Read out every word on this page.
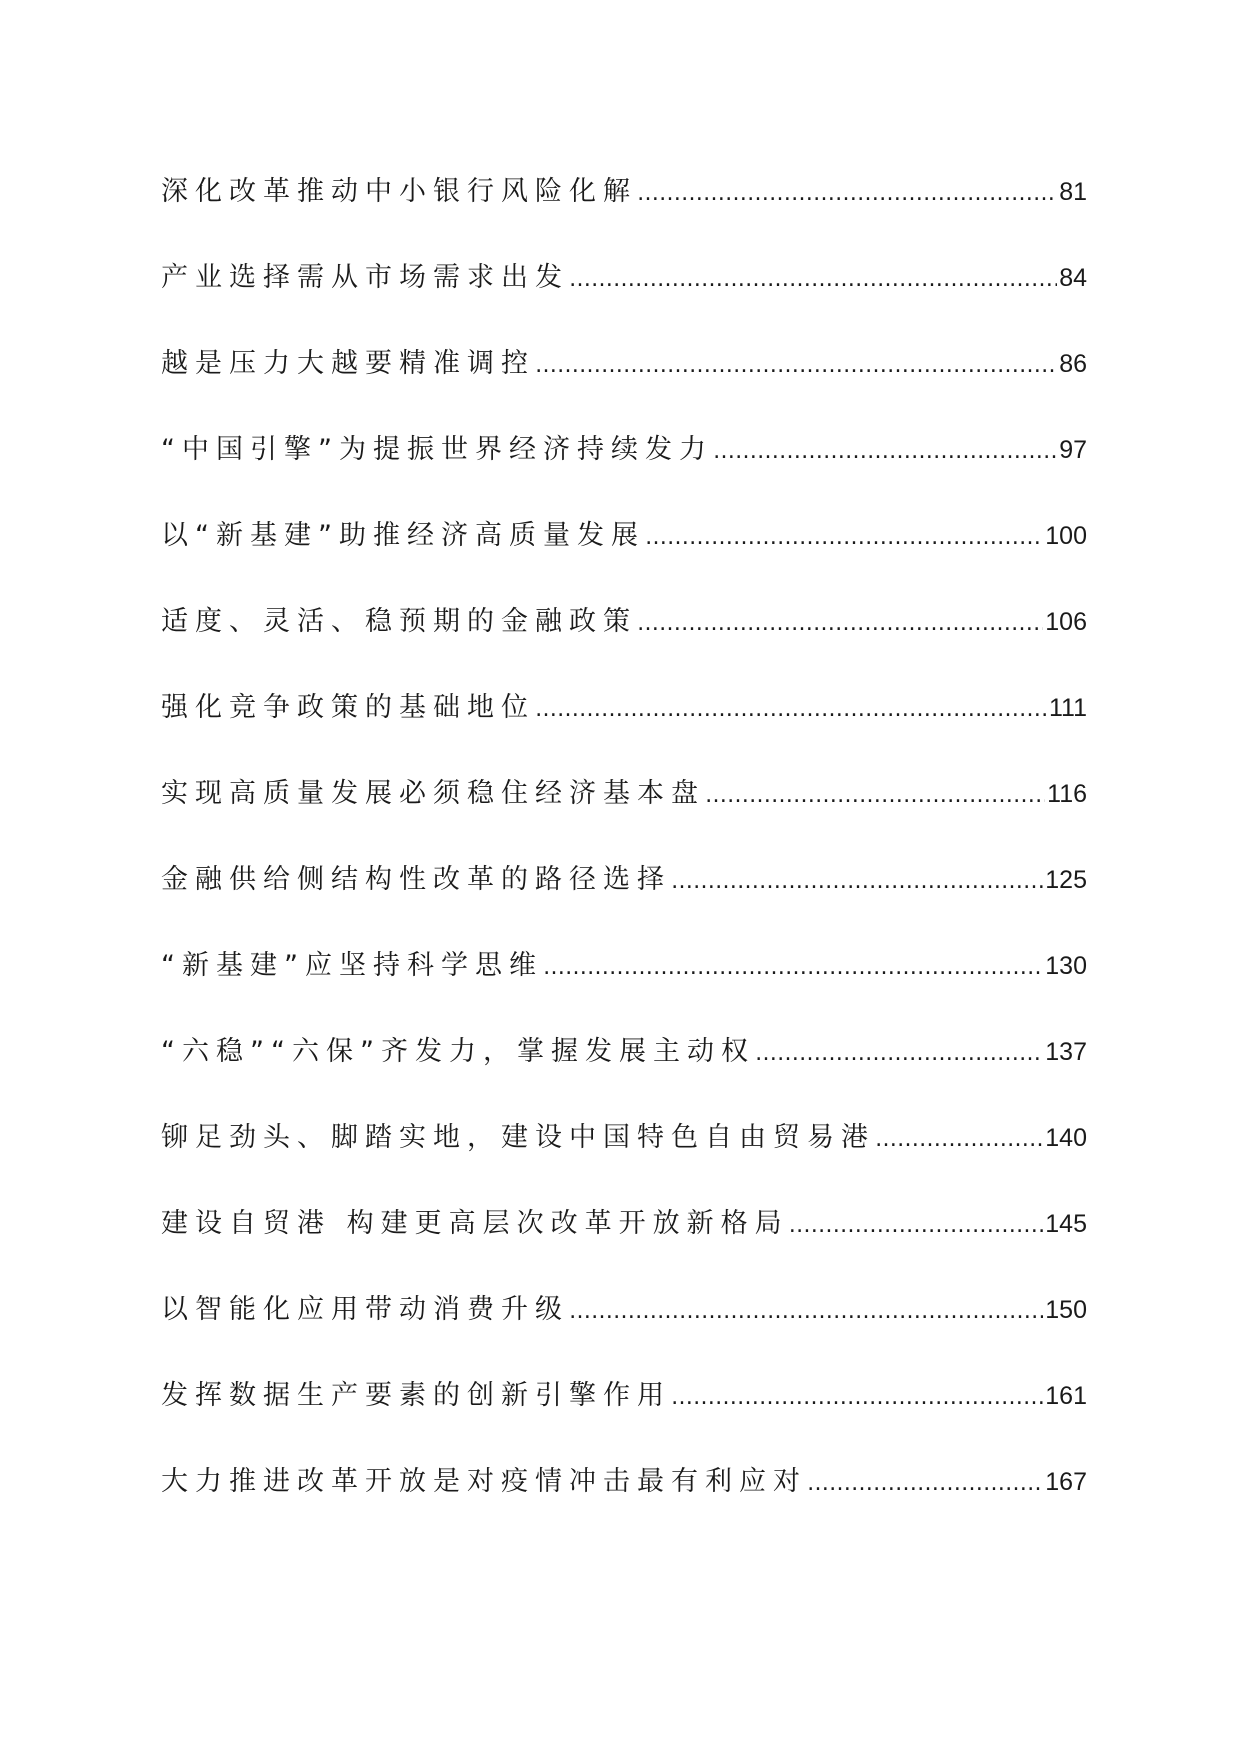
深化改革推动中小银行风险化解 …………………………………………………………………………………………………………………………………………………………	81
产业选择需从市场需求出发 …………………………………………………………………………………………………………………………………………………………	84
越是压力大越要精准调控 …………………………………………………………………………………………………………………………………………………………	86
“中国引擎”为提振世界经济持续发力 …………………………………………………………………………………………………………………………………………………………	97
以“新基建”助推经济高质量发展 …………………………………………………………………………………………………………………………………………………………	100
适度、灵活、稳预期的金融政策 …………………………………………………………………………………………………………………………………………………………	106
强化竞争政策的基础地位 …………………………………………………………………………………………………………………………………………………………	111
实现高质量发展必须稳住经济基本盘 …………………………………………………………………………………………………………………………………………………………	116
金融供给侧结构性改革的路径选择 …………………………………………………………………………………………………………………………………………………………	125
“新基建”应坚持科学思维 …………………………………………………………………………………………………………………………………………………………	130
“六稳”“六保”齐发力，掌握发展主动权 …………………………………………………………………………………………………………………………………………………………	137
铆足劲头、脚踏实地，建设中国特色自由贸易港 …………………………………………………………………………………………………………………………………………………………	140
建设自贸港 构建更高层次改革开放新格局 …………………………………………………………………………………………………………………………………………………………	145
以智能化应用带动消费升级 …………………………………………………………………………………………………………………………………………………………	150
发挥数据生产要素的创新引擎作用 …………………………………………………………………………………………………………………………………………………………	161
大力推进改革开放是对疫情冲击最有利应对 …………………………………………………………………………………………………………………………………………………………	167
